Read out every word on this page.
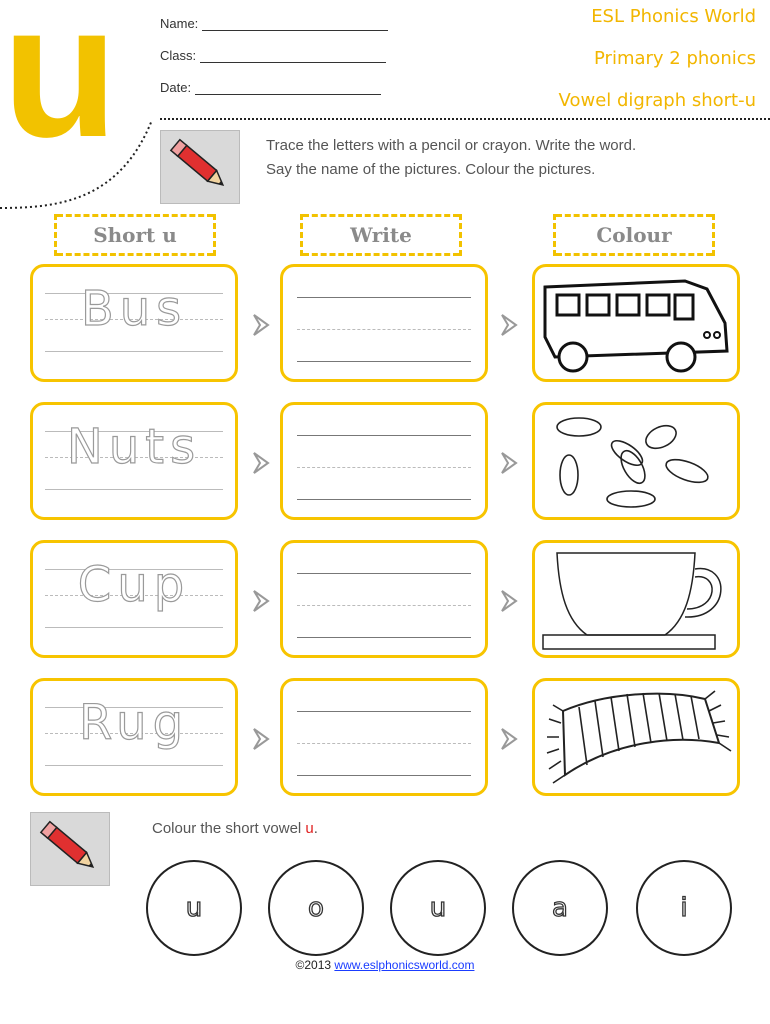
u	Name:
Class:
Date:
ESL Phonics World
Primary 2 phonics
Vowel digraph short-u
Trace the letters with a pencil or crayon. Write the word.
Say the name of the pictures. Colour the pictures.
Short u	Write	Colour
Bus
Nuts
Cup
Rug
Colour the short vowel u.
u	o	u	a	i
©2013 www.eslphonicsworld.com
